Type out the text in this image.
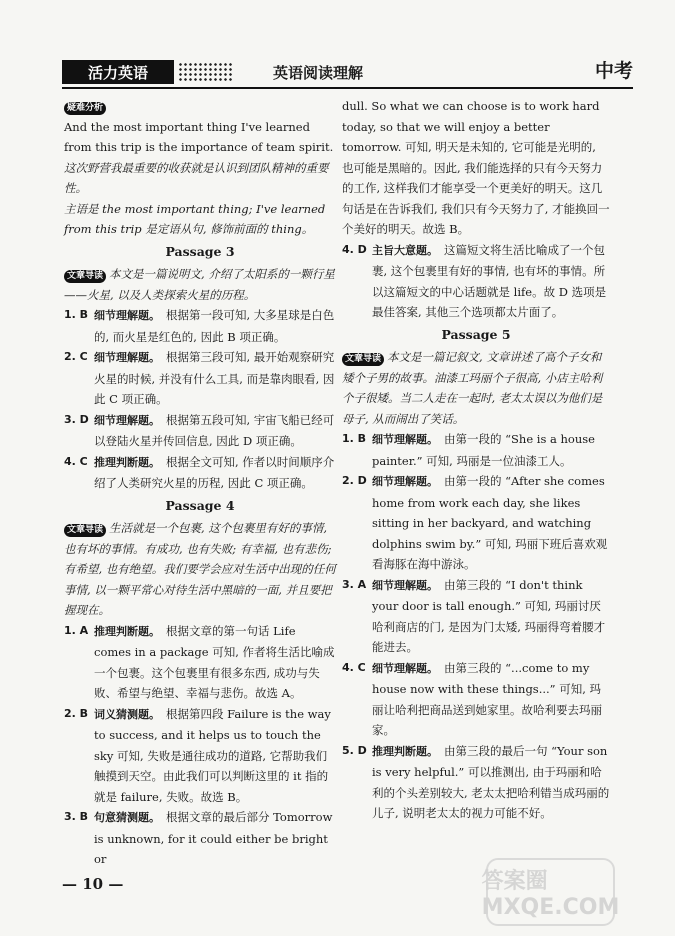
活力英语	英语阅读理解	中考

疑难分析

And the most important thing I've learned from this trip is the importance of team spirit.

这次野营我最重要的收获就是认识到团队精神的重要性。

主语是 the most important thing; I've learned from this trip 是定语从句, 修饰前面的 thing。

Passage 3

文章导读 本文是一篇说明文, 介绍了太阳系的一颗行星——火星, 以及人类探索火星的历程。

1. B 细节理解题。 根据第一段可知, 大多星球是白色的, 而火星是红色的, 因此 B 项正确。
2. C 细节理解题。 根据第三段可知, 最开始观察研究火星的时候, 并没有什么工具, 而是靠肉眼看, 因此 C 项正确。
3. D 细节理解题。 根据第五段可知, 宇宙飞船已经可以登陆火星并传回信息, 因此 D 项正确。
4. C 推理判断题。 根据全文可知, 作者以时间顺序介绍了人类研究火星的历程, 因此 C 项正确。

Passage 4

文章导读 生活就是一个包裹, 这个包裹里有好的事情, 也有坏的事情。有成功, 也有失败; 有幸福, 也有悲伤; 有希望, 也有绝望。我们要学会应对生活中出现的任何事情, 以一颗平常心对待生活中黑暗的一面, 并且要把握现在。

1. A 推理判断题。 根据文章的第一句话 Life comes in a package 可知, 作者将生活比喻成一个包裹。这个包裹里有很多东西, 成功与失败、希望与绝望、幸福与悲伤。故选 A。
2. B 词义猜测题。 根据第四段 Failure is the way to success, and it helps us to touch the sky 可知, 失败是通往成功的道路, 它帮助我们触摸到天空。由此我们可以判断这里的 it 指的就是 failure, 失败。故选 B。
3. B 句意猜测题。 根据文章的最后部分 Tomorrow is unknown, for it could either be bright or

dull. So what we can choose is to work hard today, so that we will enjoy a better tomorrow. 可知, 明天是未知的, 它可能是光明的, 也可能是黑暗的。因此, 我们能选择的只有今天努力的工作, 这样我们才能享受一个更美好的明天。这几句话是在告诉我们, 我们只有今天努力了, 才能换回一个美好的明天。故选 B。

4. D 主旨大意题。 这篇短文将生活比喻成了一个包裹, 这个包裹里有好的事情, 也有坏的事情。所以这篇短文的中心话题就是 life。故 D 选项是最佳答案, 其他三个选项都太片面了。

Passage 5

文章导读 本文是一篇记叙文, 文章讲述了高个子女和矮个子男的故事。油漆工玛丽个子很高, 小店主哈利个子很矮。当二人走在一起时, 老太太误以为他们是母子, 从而闹出了笑话。

1. B 细节理解题。 由第一段的 “She is a house painter.” 可知, 玛丽是一位油漆工人。
2. D 细节理解题。 由第一段的 “After she comes home from work each day, she likes sitting in her backyard, and watching dolphins swim by.” 可知, 玛丽下班后喜欢观看海豚在海中游泳。
3. A 细节理解题。 由第三段的 “I don't think your door is tall enough.” 可知, 玛丽讨厌哈利商店的门, 是因为门太矮, 玛丽得弯着腰才能进去。
4. C 细节理解题。 由第三段的 “...come to my house now with these things...” 可知, 玛丽让哈利把商品送到她家里。故哈利要去玛丽家。
5. D 推理判断题。 由第三段的最后一句 “Your son is very helpful.” 可以推测出, 由于玛丽和哈利的个头差别较大, 老太太把哈利错当成玛丽的儿子, 说明老太太的视力可能不好。
— 10 —	答案圈 MXQE.COM
